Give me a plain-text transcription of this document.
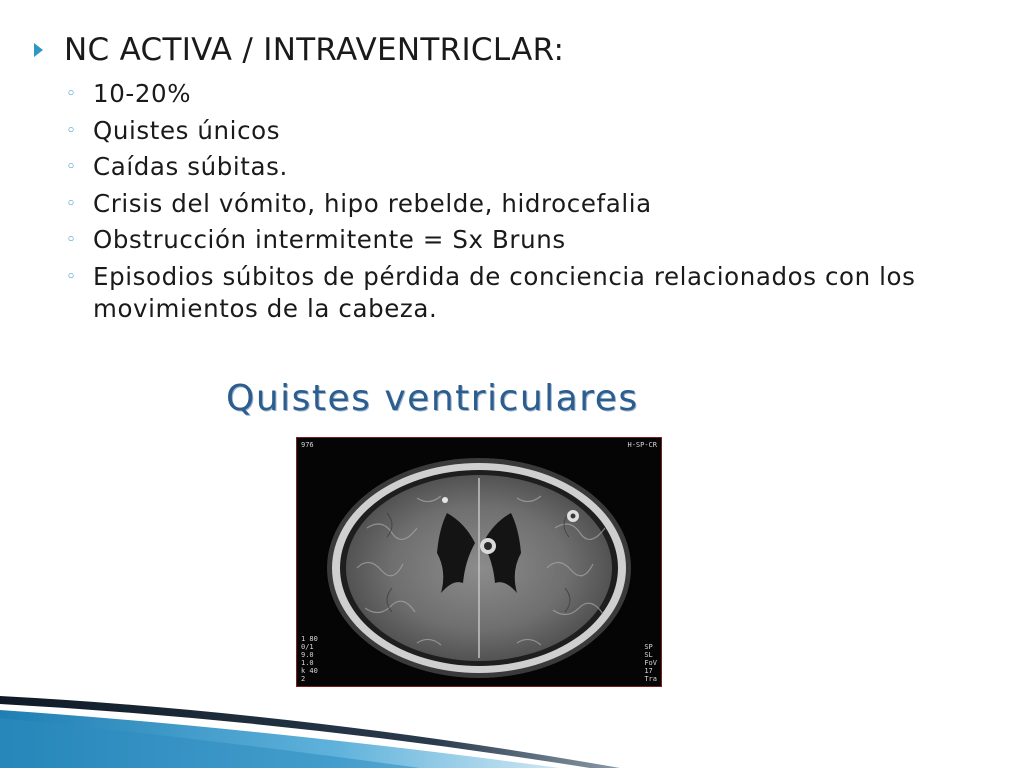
NC ACTIVA / INTRAVENTRICLAR:
◦ 10-20%
◦ Quistes únicos
◦ Caídas súbitas.
◦ Crisis del vómito, hipo rebelde, hidrocefalia
◦ Obstrucción intermitente = Sx Bruns
◦ Episodios súbitos de pérdida de conciencia relacionados con los movimientos de la cabeza.
Quistes ventriculares
976	H-SP-CR
1 80
0/1
9.0
1.0
k 40
2
SP
SL
FoV
17
Tra
